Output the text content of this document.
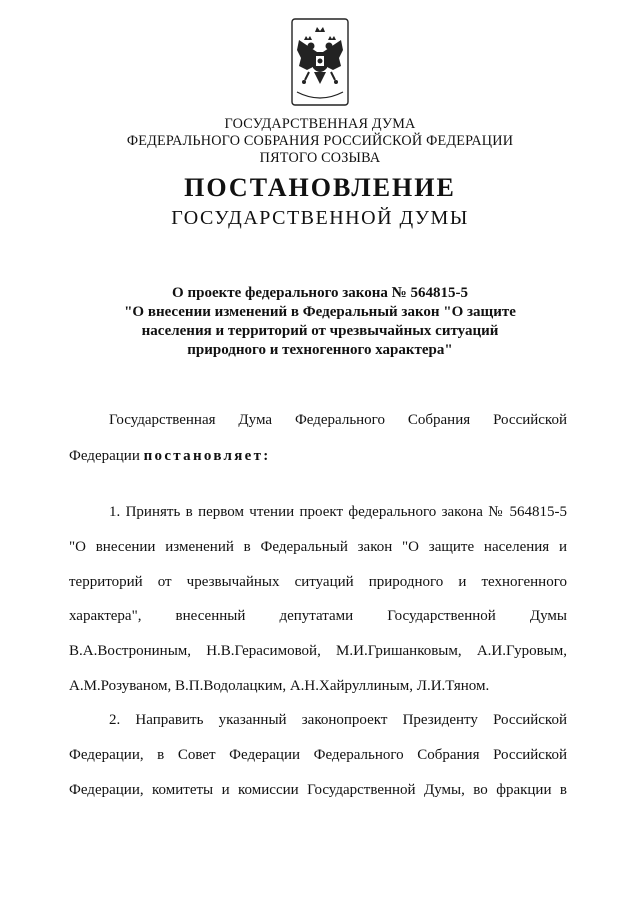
ГОСУДАРСТВЕННАЯ ДУМА
ФЕДЕРАЛЬНОГО СОБРАНИЯ РОССИЙСКОЙ ФЕДЕРАЦИИ
ПЯТОГО СОЗЫВА
ПОСТАНОВЛЕНИЕ
ГОСУДАРСТВЕННОЙ ДУМЫ
О проекте федерального закона № 564815-5
"О внесении изменений в Федеральный закон "О защите
населения и территорий от чрезвычайных ситуаций
природного и техногенного характера"
Государственная Дума Федерального Собрания Российской
Федерации постановляет:
1. Принять в первом чтении проект федерального закона № 564815-5
"О внесении изменений в Федеральный закон "О защите населения и
территорий от чрезвычайных ситуаций природного и техногенного
характера", внесенный депутатами Государственной Думы
В.А.Вострониным, Н.В.Герасимовой, М.И.Гришанковым, А.И.Гуровым,
А.М.Розуваном, В.П.Водолацким, А.Н.Хайруллиным, Л.И.Тяном.
2. Направить указанный законопроект Президенту Российской
Федерации, в Совет Федерации Федерального Собрания Российской
Федерации, комитеты и комиссии Государственной Думы, во фракции в
